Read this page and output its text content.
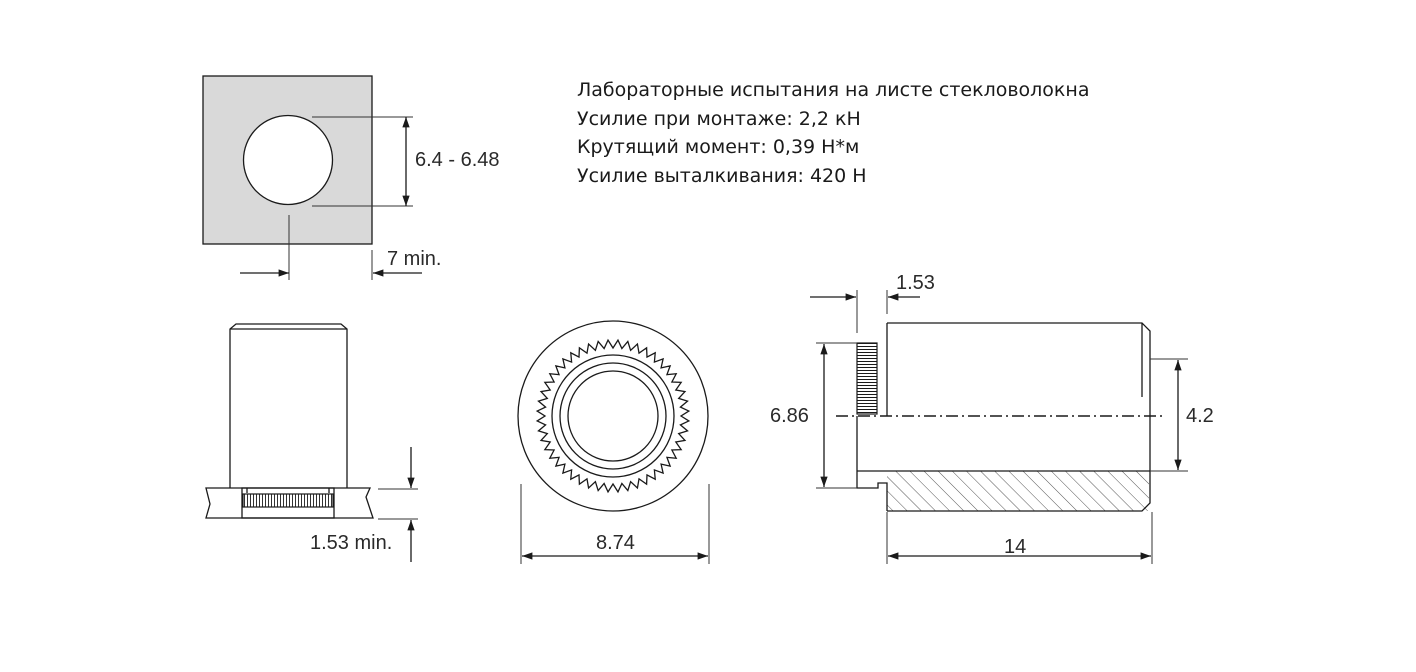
Лабораторные испытания на листе стекловолокна
Усилие при монтаже: 2,2 кН
Крутящий момент: 0,39 Н*м
Усилие выталкивания: 420 Н
6.4 - 6.48
7 min.
1.53 min.	8.74
1.53
6.86	4.2
14
